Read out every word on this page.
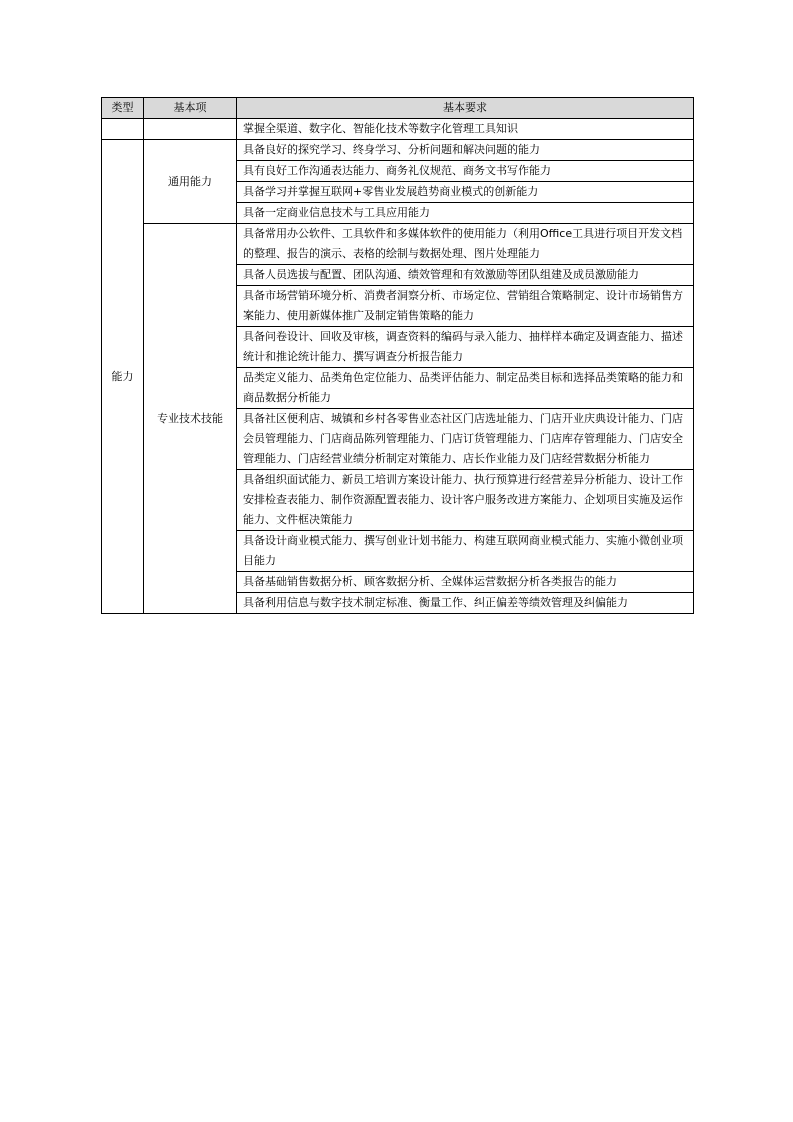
类型	基本项	基本要求
		掌握全渠道、数字化、智能化技术等数字化管理工具知识
能力	通用能力	具备良好的探究学习、终身学习、分析问题和解决问题的能力
		具有良好工作沟通表达能力、商务礼仪规范、商务文书写作能力
		具备学习并掌握互联网+零售业发展趋势商业模式的创新能力
		具备一定商业信息技术与工具应用能力
	专业技术技能	具备常用办公软件、工具软件和多媒体软件的使用能力（利用Office工具进行项目开发文档的整理、报告的演示、表格的绘制与数据处理、图片处理能力
		具备人员选拔与配置、团队沟通、绩效管理和有效激励等团队组建及成员激励能力
		具备市场营销环境分析、消费者洞察分析、市场定位、营销组合策略制定、设计市场销售方案能力、使用新媒体推广及制定销售策略的能力
		具备问卷设计、回收及审核，调查资料的编码与录入能力、抽样样本确定及调查能力、描述统计和推论统计能力、撰写调查分析报告能力
		品类定义能力、品类角色定位能力、品类评估能力、制定品类目标和选择品类策略的能力和商品数据分析能力
		具备社区便利店、城镇和乡村各零售业态社区门店选址能力、门店开业庆典设计能力、门店会员管理能力、门店商品陈列管理能力、门店订货管理能力、门店库存管理能力、门店安全管理能力、门店经营业绩分析制定对策能力、店长作业能力及门店经营数据分析能力
		具备组织面试能力、新员工培训方案设计能力、执行预算进行经营差异分析能力、设计工作安排检查表能力、制作资源配置表能力、设计客户服务改进方案能力、企划项目实施及运作能力、文件框决策能力
		具备设计商业模式能力、撰写创业计划书能力、构建互联网商业模式能力、实施小微创业项目能力
		具备基础销售数据分析、顾客数据分析、全媒体运营数据分析各类报告的能力
		具备利用信息与数字技术制定标准、衡量工作、纠正偏差等绩效管理及纠偏能力
